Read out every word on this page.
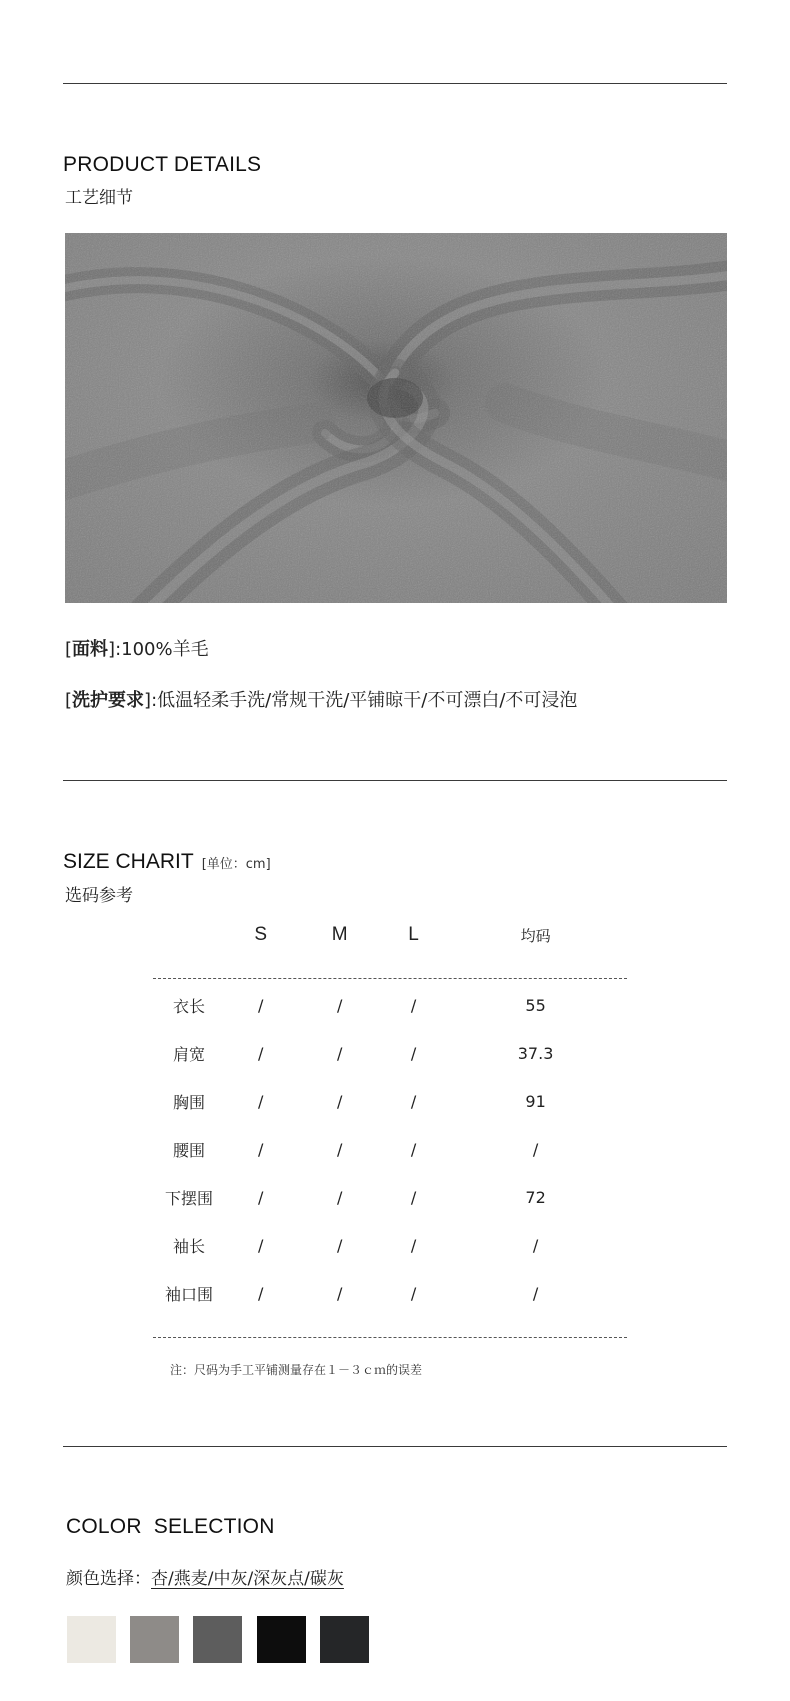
PRODUCT DETAILS
工艺细节
[面料]:100%羊毛
[洗护要求]:低温轻柔手洗/常规干洗/平铺晾干/不可漂白/不可浸泡
SIZE CHARIT [单位：cm]
选码参考
	S	M	L	均码

衣长	/	/	/	55
肩宽	/	/	/	37.3
胸围	/	/	/	91
腰围	/	/	/	/
下摆围	/	/	/	72
袖长	/	/	/	/
袖口围	/	/	/	/
注：尺码为手工平铺测量存在１－３ｃｍ的误差
COLOR  SELECTION
颜色选择：杏/燕麦/中灰/深灰点/碳灰
